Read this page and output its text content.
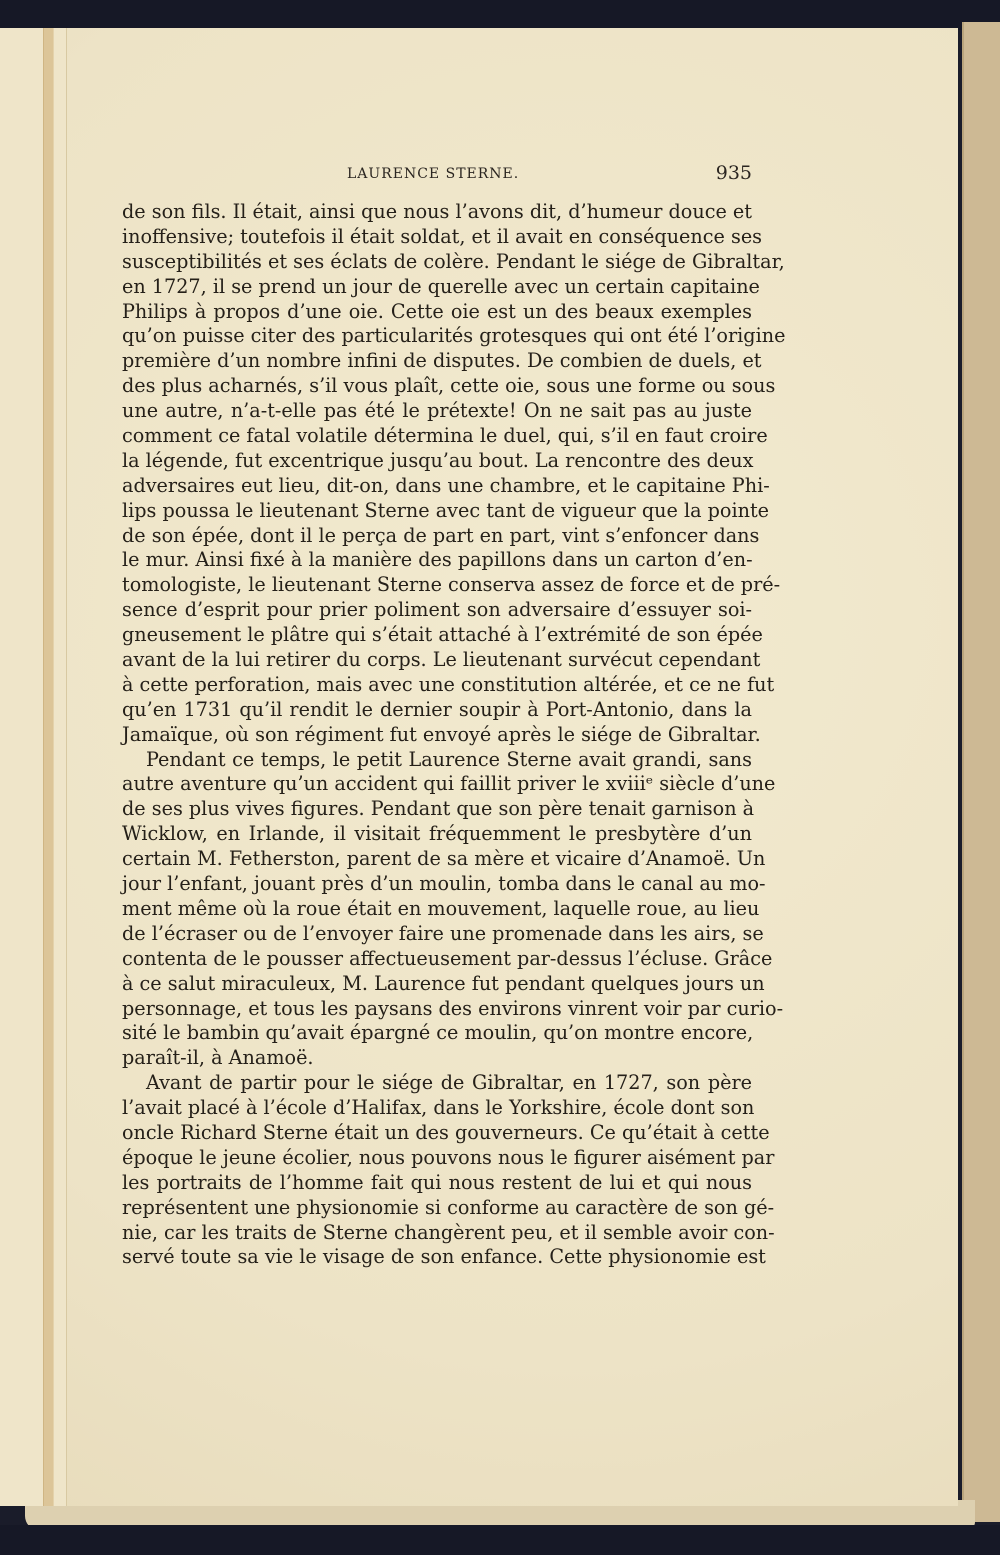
LAURENCE STERNE.	935
de son fils. Il était, ainsi que nous l’avons dit, d’humeur douce et
inoffensive; toutefois il était soldat, et il avait en conséquence ses
susceptibilités et ses éclats de colère. Pendant le siége de Gibraltar,
en 1727, il se prend un jour de querelle avec un certain capitaine
Philips à propos d’une oie. Cette oie est un des beaux exemples
qu’on puisse citer des particularités grotesques qui ont été l’origine
première d’un nombre infini de disputes. De combien de duels, et
des plus acharnés, s’il vous plaît, cette oie, sous une forme ou sous
une autre, n’a-t-elle pas été le prétexte! On ne sait pas au juste
comment ce fatal volatile détermina le duel, qui, s’il en faut croire
la légende, fut excentrique jusqu’au bout. La rencontre des deux
adversaires eut lieu, dit-on, dans une chambre, et le capitaine Phi-
lips poussa le lieutenant Sterne avec tant de vigueur que la pointe
de son épée, dont il le perça de part en part, vint s’enfoncer dans
le mur. Ainsi fixé à la manière des papillons dans un carton d’en-
tomologiste, le lieutenant Sterne conserva assez de force et de pré-
sence d’esprit pour prier poliment son adversaire d’essuyer soi-
gneusement le plâtre qui s’était attaché à l’extrémité de son épée
avant de la lui retirer du corps. Le lieutenant survécut cependant
à cette perforation, mais avec une constitution altérée, et ce ne fut
qu’en 1731 qu’il rendit le dernier soupir à Port-Antonio, dans la
Jamaïque, où son régiment fut envoyé après le siége de Gibraltar.
Pendant ce temps, le petit Laurence Sterne avait grandi, sans
autre aventure qu’un accident qui faillit priver le xviiiᵉ siècle d’une
de ses plus vives figures. Pendant que son père tenait garnison à
Wicklow, en Irlande, il visitait fréquemment le presbytère d’un
certain M. Fetherston, parent de sa mère et vicaire d’Anamoë. Un
jour l’enfant, jouant près d’un moulin, tomba dans le canal au mo-
ment même où la roue était en mouvement, laquelle roue, au lieu
de l’écraser ou de l’envoyer faire une promenade dans les airs, se
contenta de le pousser affectueusement par-dessus l’écluse. Grâce
à ce salut miraculeux, M. Laurence fut pendant quelques jours un
personnage, et tous les paysans des environs vinrent voir par curio-
sité le bambin qu’avait épargné ce moulin, qu’on montre encore,
paraît-il, à Anamoë.
Avant de partir pour le siége de Gibraltar, en 1727, son père
l’avait placé à l’école d’Halifax, dans le Yorkshire, école dont son
oncle Richard Sterne était un des gouverneurs. Ce qu’était à cette
époque le jeune écolier, nous pouvons nous le figurer aisément par
les portraits de l’homme fait qui nous restent de lui et qui nous
représentent une physionomie si conforme au caractère de son gé-
nie, car les traits de Sterne changèrent peu, et il semble avoir con-
servé toute sa vie le visage de son enfance. Cette physionomie est
